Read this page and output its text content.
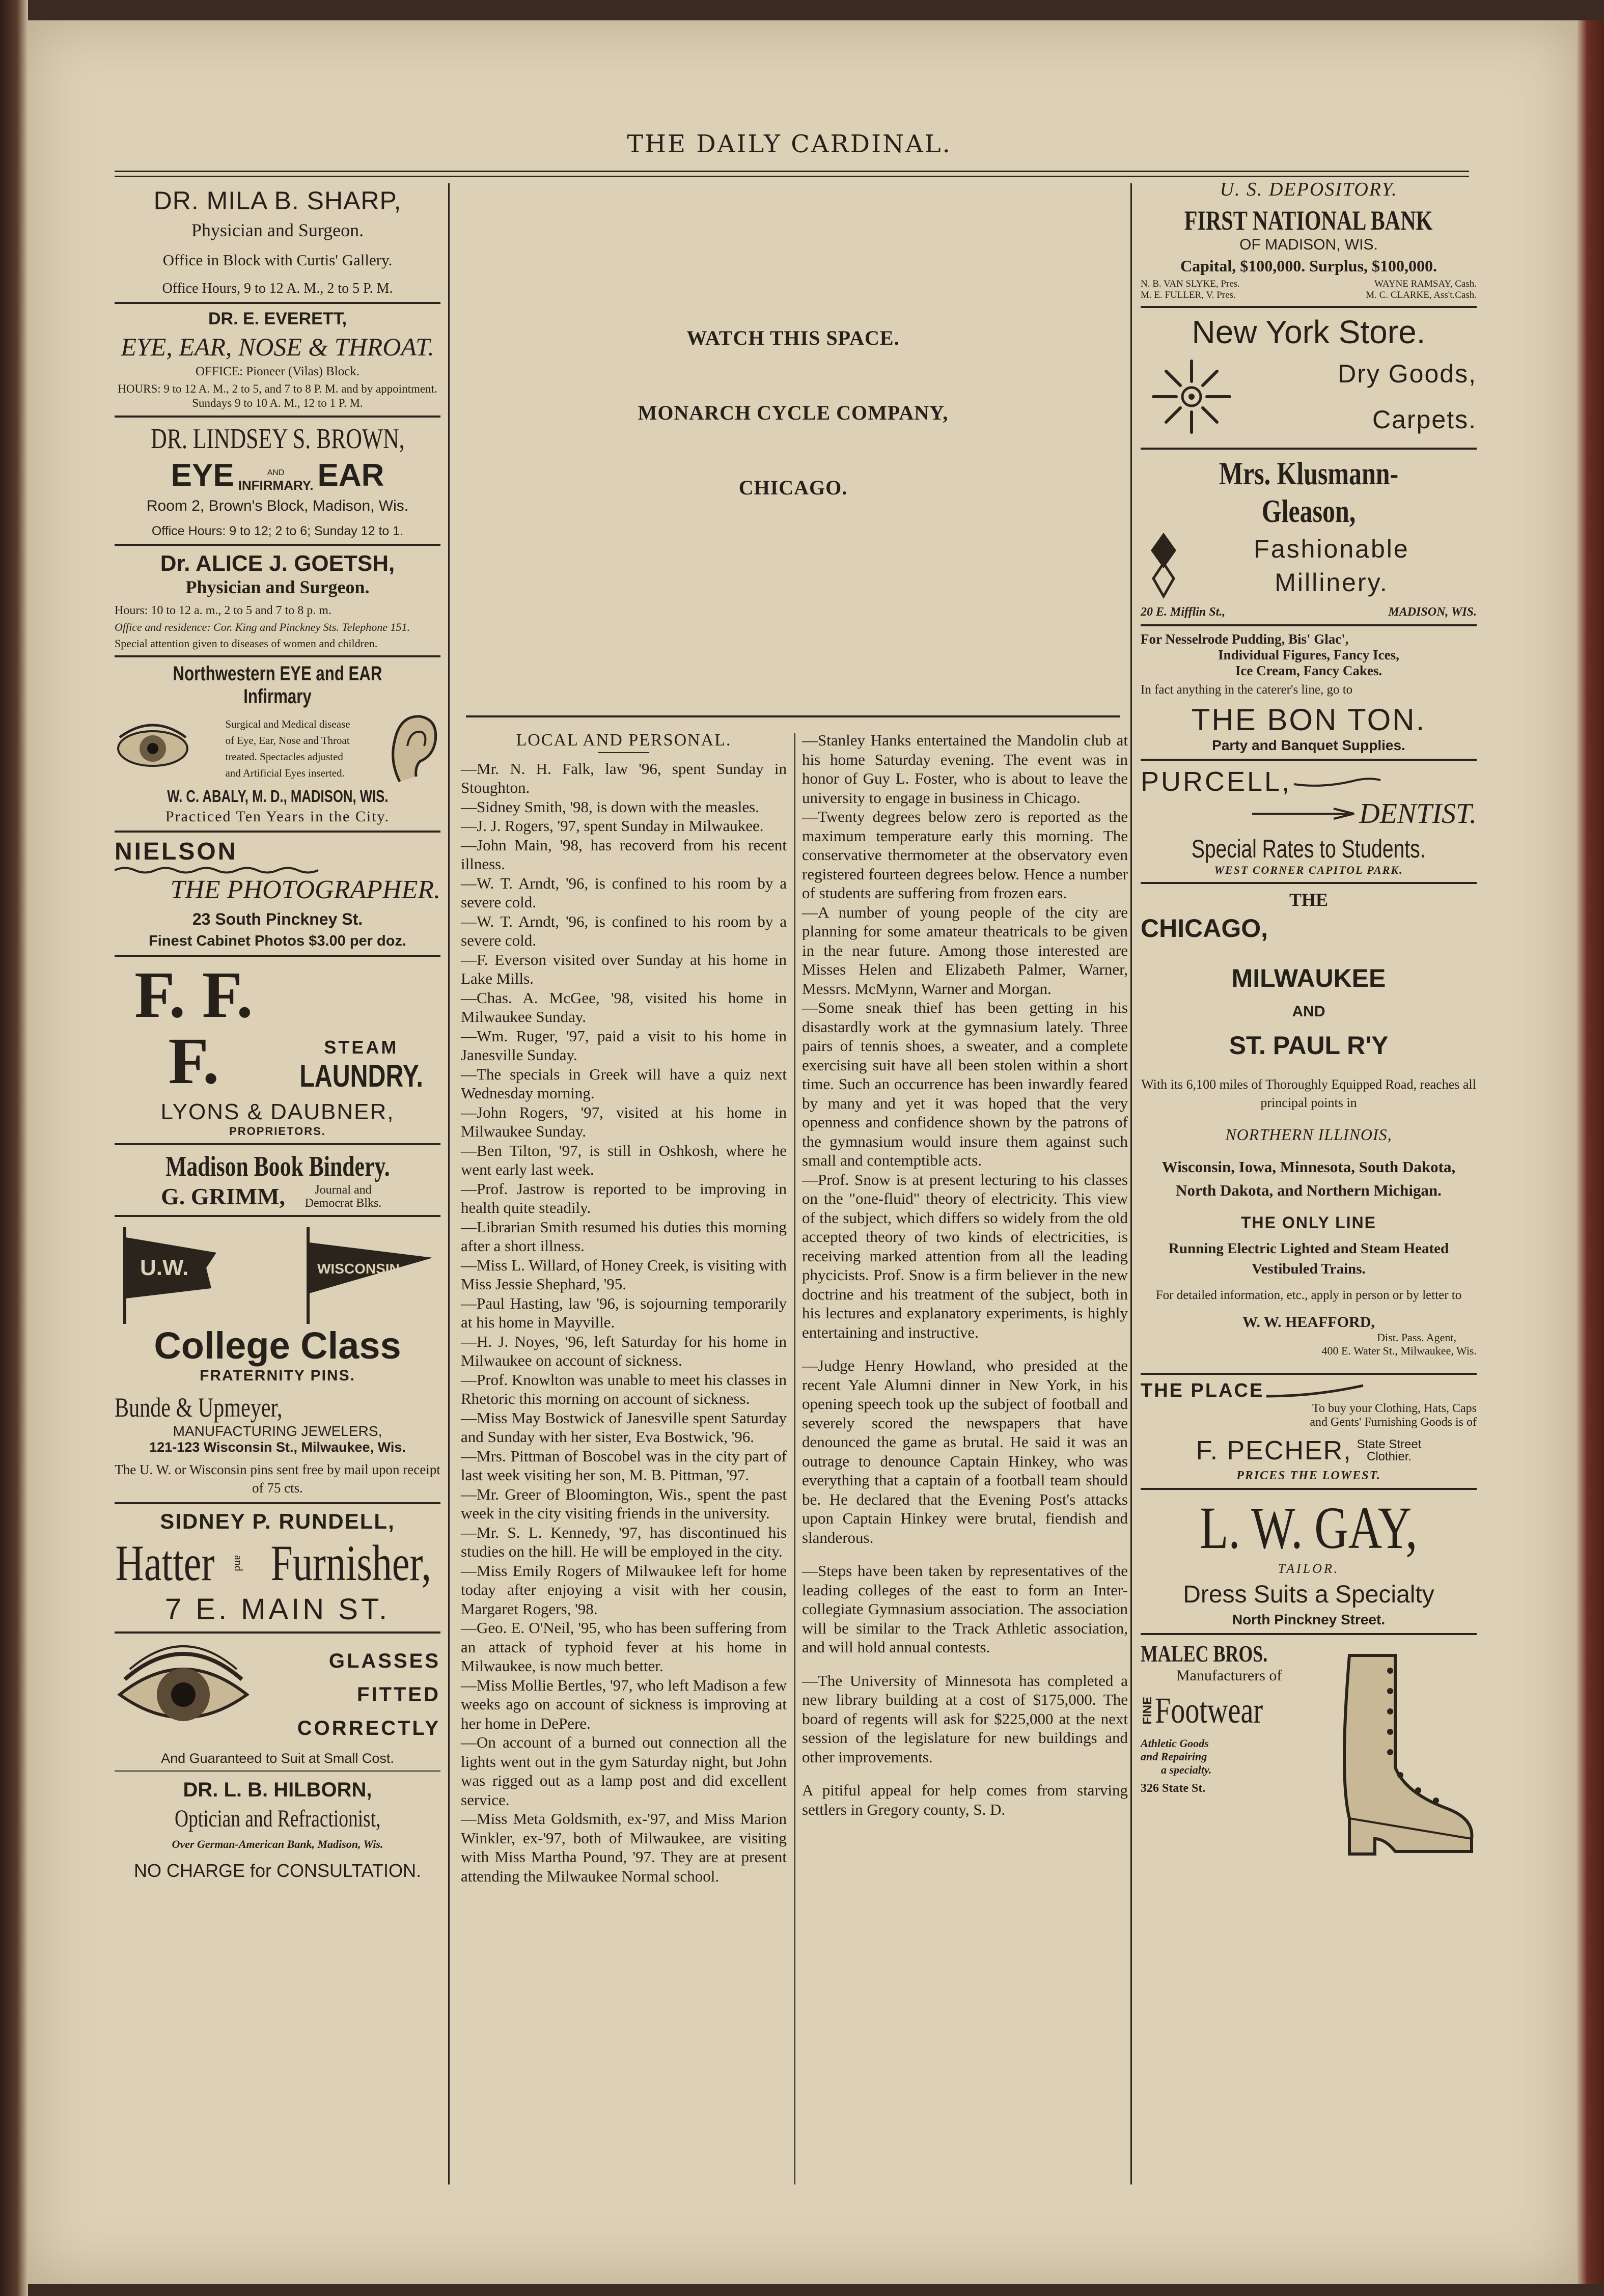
THE DAILY CARDINAL.
DR. MILA B. SHARP,
Physician and Surgeon.
Office in Block with Curtis' Gallery.
Office Hours, 9 to 12 A. M., 2 to 5 P. M.
DR. E. EVERETT,
EYE, EAR, NOSE & THROAT.
OFFICE: Pioneer (Vilas) Block.
HOURS: 9 to 12 A. M., 2 to 5, and 7 to 8 P. M. and by appointment. Sundays 9 to 10 A. M., 12 to 1 P. M.
DR. LINDSEY S. BROWN,
EYE	AND
INFIRMARY. EAR
Room 2, Brown's Block, Madison, Wis.
Office Hours: 9 to 12; 2 to 6; Sunday 12 to 1.
Dr. ALICE J. GOETSH,
Physician and Surgeon.
Hours: 10 to 12 a. m., 2 to 5 and 7 to 8 p. m.
Office and residence: Cor. King and Pinckney Sts. Telephone 151.
Special attention given to diseases of women and children.
Northwestern EYE and EAR Infirmary
Surgical and Medical disease
of Eye, Ear, Nose and Throat
treated. Spectacles adjusted
and Artificial Eyes inserted.
W. C. ABALY, M. D., MADISON, WIS.
Practiced Ten Years in the City.
NIELSON
THE PHOTOGRAPHER.
23 South Pinckney St.
Finest Cabinet Photos $3.00 per doz.
F. F. F.	STEAM
LAUNDRY.
LYONS & DAUBNER,
PROPRIETORS.
Madison Book Bindery.
G. GRIMM,	Journal and Democrat Blks.
U.W.	WISCONSIN
College Class
FRATERNITY PINS.
Bunde & Upmeyer,
MANUFACTURING JEWELERS,
121-123 Wisconsin St., Milwaukee, Wis.
The U. W. or Wisconsin pins sent free by mail upon receipt of 75 cts.
SIDNEY P. RUNDELL,
Hatter	and Furnisher,
7 E. MAIN ST.
GLASSES
FITTED
CORRECTLY
And Guaranteed to Suit at Small Cost.
DR. L. B. HILBORN,
Optician and Refractionist,
Over German-American Bank, Madison, Wis.
NO CHARGE for CONSULTATION.
WATCH THIS SPACE.
MONARCH CYCLE COMPANY,
CHICAGO.
LOCAL AND PERSONAL.

—Mr. N. H. Falk, law '96, spent Sunday in Stoughton.

—Sidney Smith, '98, is down with the measles.

—J. J. Rogers, '97, spent Sunday in Milwaukee.

—John Main, '98, has recoverd from his recent illness.

—W. T. Arndt, '96, is confined to his room by a severe cold.

—W. T. Arndt, '96, is confined to his room by a severe cold.

—F. Everson visited over Sunday at his home in Lake Mills.

—Chas. A. McGee, '98, visited his home in Milwaukee Sunday.

—Wm. Ruger, '97, paid a visit to his home in Janesville Sunday.

—The specials in Greek will have a quiz next Wednesday morning.

—John Rogers, '97, visited at his home in Milwaukee Sunday.

—Ben Tilton, '97, is still in Oshkosh, where he went early last week.

—Prof. Jastrow is reported to be improving in health quite steadily.

—Librarian Smith resumed his duties this morning after a short illness.

—Miss L. Willard, of Honey Creek, is visiting with Miss Jessie Shephard, '95.

—Paul Hasting, law '96, is sojourning temporarily at his home in Mayville.

—H. J. Noyes, '96, left Saturday for his home in Milwaukee on account of sickness.

—Prof. Knowlton was unable to meet his classes in Rhetoric this morning on account of sickness.

—Miss May Bostwick of Janesville spent Saturday and Sunday with her sister, Eva Bostwick, '96.

—Mrs. Pittman of Boscobel was in the city part of last week visiting her son, M. B. Pittman, '97.

—Mr. Greer of Bloomington, Wis., spent the past week in the city visiting friends in the university.

—Mr. S. L. Kennedy, '97, has discontinued his studies on the hill. He will be employed in the city.

—Miss Emily Rogers of Milwaukee left for home today after enjoying a visit with her cousin, Margaret Rogers, '98.

—Geo. E. O'Neil, '95, who has been suffering from an attack of typhoid fever at his home in Milwaukee, is now much better.

—Miss Mollie Bertles, '97, who left Madison a few weeks ago on account of sickness is improving at her home in DePere.

—On account of a burned out connection all the lights went out in the gym Saturday night, but John was rigged out as a lamp post and did excellent service.

—Miss Meta Goldsmith, ex-'97, and Miss Marion Winkler, ex-'97, both of Milwaukee, are visiting with Miss Martha Pound, '97. They are at present attending the Milwaukee Normal school.

—Stanley Hanks entertained the Mandolin club at his home Saturday evening. The event was in honor of Guy L. Foster, who is about to leave the university to engage in business in Chicago.

—Twenty degrees below zero is reported as the maximum temperature early this morning. The conservative thermometer at the observatory even registered fourteen degrees below. Hence a number of students are suffering from frozen ears.

—A number of young people of the city are planning for some amateur theatricals to be given in the near future. Among those interested are Misses Helen and Elizabeth Palmer, Warner, Messrs. McMynn, Warner and Morgan.

—Some sneak thief has been getting in his disastardly work at the gymnasium lately. Three pairs of tennis shoes, a sweater, and a complete exercising suit have all been stolen within a short time. Such an occurrence has been inwardly feared by many and yet it was hoped that the very openness and confidence shown by the patrons of the gymnasium would insure them against such small and contemptible acts.

—Prof. Snow is at present lecturing to his classes on the "one-fluid" theory of electricity. This view of the subject, which differs so widely from the old accepted theory of two kinds of electricities, is receiving marked attention from all the leading phycicists. Prof. Snow is a firm believer in the new doctrine and his treatment of the subject, both in his lectures and explanatory experiments, is highly entertaining and instructive.

—Judge Henry Howland, who presided at the recent Yale Alumni dinner in New York, in his opening speech took up the subject of football and severely scored the newspapers that have denounced the game as brutal. He said it was an outrage to denounce Captain Hinkey, who was everything that a captain of a football team should be. He declared that the Evening Post's attacks upon Captain Hinkey were brutal, fiendish and slanderous.

—Steps have been taken by representatives of the leading colleges of the east to form an Inter-collegiate Gymnasium association. The association will be similar to the Track Athletic association, and will hold annual contests.

—The University of Minnesota has completed a new library building at a cost of $175,000. The board of regents will ask for $225,000 at the next session of the legislature for new buildings and other improvements.

A pitiful appeal for help comes from starving settlers in Gregory county, S. D.

U. S. DEPOSITORY.
FIRST NATIONAL BANK
OF MADISON, WIS.
Capital, $100,000. Surplus, $100,000.
N. B. VAN SLYKE, Pres.	WAYNE RAMSAY, Cash.
M. E. FULLER, V. Pres.	M. C. CLARKE, Ass't.Cash.
New York Store.
Dry Goods,
Carpets.
Mrs. Klusmann-Gleason,
Fashionable
Millinery.
20 E. Mifflin St.,	MADISON, WIS.
For Nesselrode Pudding, Bis' Glac',
Individual Figures, Fancy Ices,
Ice Cream, Fancy Cakes.
In fact anything in the caterer's line, go to
THE BON TON.
Party and Banquet Supplies.
PURCELL,
DENTIST.
Special Rates to Students.
WEST CORNER CAPITOL PARK.
THE
CHICAGO,
MILWAUKEE
AND
ST. PAUL R'Y
With its 6,100 miles of Thoroughly Equipped Road, reaches all principal points in
NORTHERN ILLINOIS,
Wisconsin, Iowa, Minnesota, South Dakota, North Dakota, and Northern Michigan.
THE ONLY LINE
Running Electric Lighted and Steam Heated Vestibuled Trains.
For detailed information, etc., apply in person or by letter to
W. W. HEAFFORD,
Dist. Pass. Agent,
400 E. Water St., Milwaukee, Wis.
THE PLACE
To buy your Clothing, Hats, Caps
and Gents' Furnishing Goods is of
F. PECHER, State Street
Clothier.
PRICES THE LOWEST.
L. W. GAY,
TAILOR.
Dress Suits a Specialty
North Pinckney Street.
MALEC BROS.
Manufacturers of
FINE Footwear
Athletic Goods
and Repairing
a specialty.
326 State St.
